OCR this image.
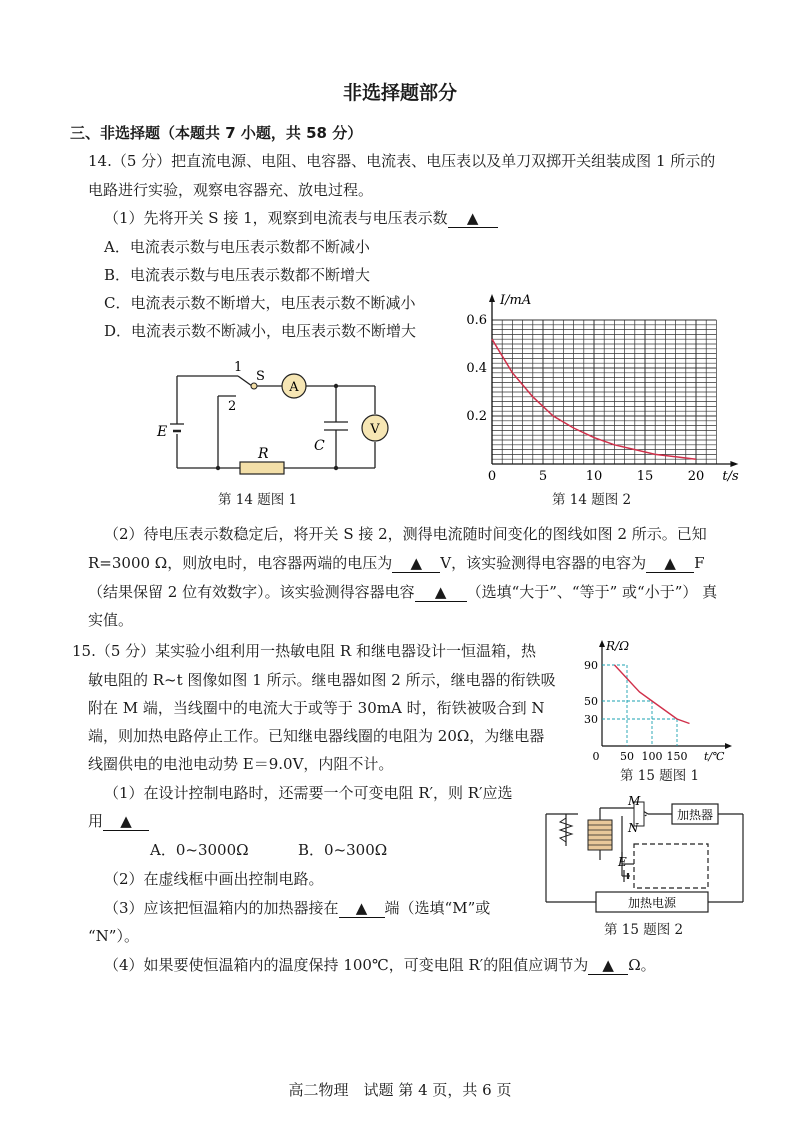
非选择题部分
三、非选择题（本题共 7 小题，共 58 分）
14.（5 分）把直流电源、电阻、电容器、电流表、电压表以及单刀双掷开关组装成图 1 所示的
电路进行实验，观察电容器充、放电过程。
（1）先将开关 S 接 1，观察到电流表与电压表示数 ▲
A．电流表示数与电压表示数都不断减小
B．电流表示数与电压表示数都不断增大
C．电流表示数不断增大，电压表示数不断减小
D．电流表示数不断减小，电压表示数不断增大
A
V
1
2
S
E
C
R
第 14 题图 1
0	5	10	15	20
0.2
0.4
0.6
I/mA
t/s
第 14 题图 2
（2）待电压表示数稳定后，将开关 S 接 2，测得电流随时间变化的图线如图 2 所示。已知
R=3000 Ω，则放电时，电容器两端的电压为 ▲ V，该实验测得电容器的电容为 ▲ F
（结果保留 2 位有效数字）。该实验测得容器电容 ▲ （选填“大于”、“等于” 或“小于”） 真
实值。
15.（5 分）某实验小组利用一热敏电阻 R 和继电器设计一恒温箱，热
敏电阻的 R~t 图像如图 1 所示。继电器如图 2 所示，继电器的衔铁吸
附在 M 端，当线圈中的电流大于或等于 30mA 时，衔铁被吸合到 N
端，则加热电路停止工作。已知继电器线圈的电阻为 20Ω，为继电器
线圈供电的电池电动势 E＝9.0V，内阻不计。	0 50 100 150
30
50
90
R/Ω
t/℃
第 15 题图 1
（1）在设计控制电路时，还需要一个可变电阻 R′，则 R′应选
用 ▲
A．0~3000Ω	B．0~300Ω
（2）在虚线框中画出控制电路。
（3）应该把恒温箱内的加热器接在 ▲ 端（选填“M”或
“N”）。
（4）如果要使恒温箱内的温度保持 100℃，可变电阻 R′的阻值应调节为 ▲ Ω。
M
N
E
加热器
加热电源
第 15 题图 2
高二物理　试题 第 4 页，共 6 页
